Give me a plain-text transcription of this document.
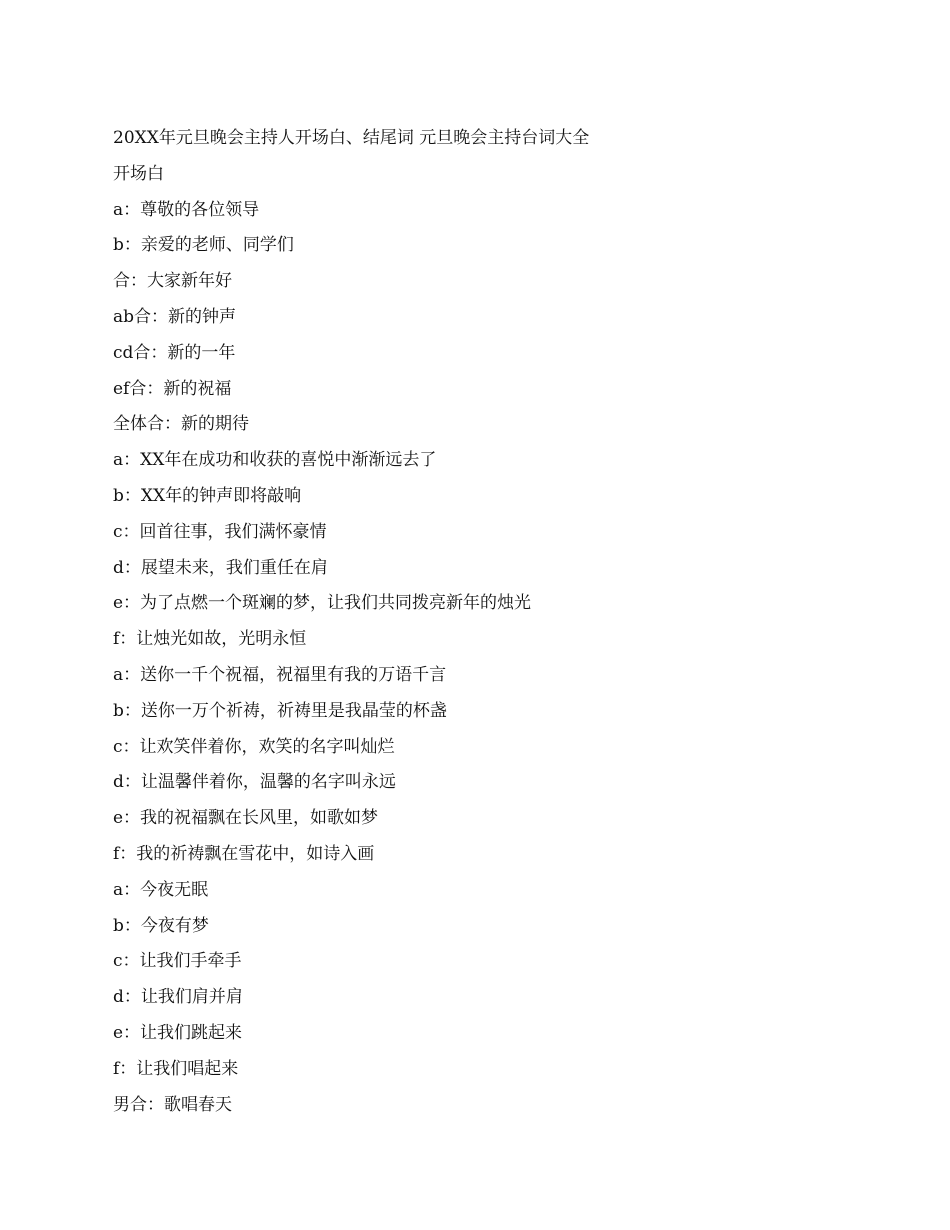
20XX年元旦晚会主持人开场白、结尾词 元旦晚会主持台词大全
开场白
a：尊敬的各位领导
b：亲爱的老师、同学们
合：大家新年好
ab合：新的钟声
cd合：新的一年
ef合：新的祝福
全体合：新的期待
a：XX年在成功和收获的喜悦中渐渐远去了
b：XX年的钟声即将敲响
c：回首往事，我们满怀豪情
d：展望未来，我们重任在肩
e：为了点燃一个斑斓的梦，让我们共同拨亮新年的烛光
f：让烛光如故，光明永恒
a：送你一千个祝福，祝福里有我的万语千言
b：送你一万个祈祷，祈祷里是我晶莹的杯盏
c：让欢笑伴着你，欢笑的名字叫灿烂
d：让温馨伴着你，温馨的名字叫永远
e：我的祝福飘在长风里，如歌如梦
f：我的祈祷飘在雪花中，如诗入画
a：今夜无眠
b：今夜有梦
c：让我们手牵手
d：让我们肩并肩
e：让我们跳起来
f：让我们唱起来
男合：歌唱春天
